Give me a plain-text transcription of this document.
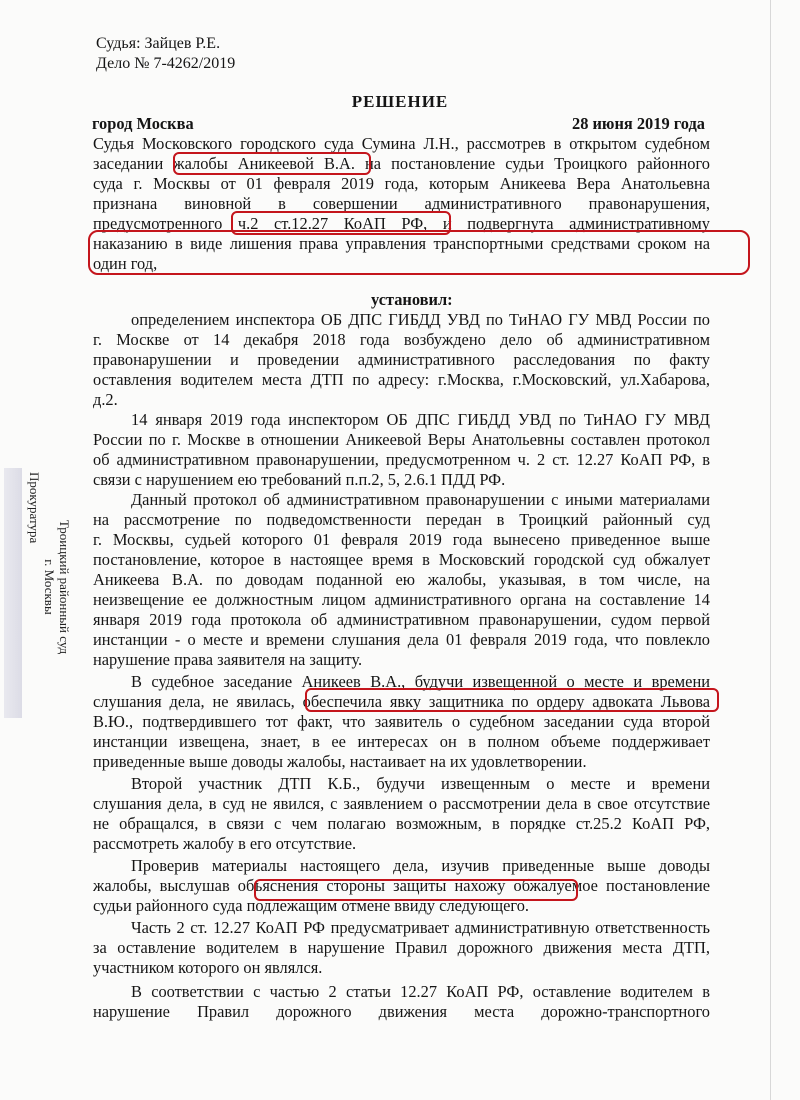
Судья: Зайцев Р.Е.
Дело № 7-4262/2019
РЕШЕНИЕ
город Москва	28 июня 2019 года
Судья Московского городского суда Сумина Л.Н., рассмотрев в открытом судебном
заседании жалобы Аникеевой В.А. на постановление судьи Троицкого районного
суда г. Москвы от 01 февраля 2019 года, которым Аникеева Вера Анатольевна
признана виновной в совершении административного правонарушения,
предусмотренного ч.2 ст.12.27 КоАП РФ, и подвергнута административному
наказанию в виде лишения права управления транспортными средствами сроком на
один год,
установил:
определением инспектора ОБ ДПС ГИБДД УВД по ТиНАО ГУ МВД России по
г. Москве от 14 декабря 2018 года возбуждено дело об административном
правонарушении и проведении административного расследования по факту
оставления водителем места ДТП по адресу: г.Москва, г.Московский, ул.Хабарова,
д.2.
14 января 2019 года инспектором ОБ ДПС ГИБДД УВД по ТиНАО ГУ МВД
России по г. Москве в отношении Аникеевой Веры Анатольевны составлен протокол
об административном правонарушении, предусмотренном ч. 2 ст. 12.27 КоАП РФ, в
связи с нарушением ею требований п.п.2, 5, 2.6.1 ПДД РФ.
Данный протокол об административном правонарушении с иными материалами
на рассмотрение по подведомственности передан в Троицкий районный суд
г. Москвы, судьей которого 01 февраля 2019 года вынесено приведенное выше
постановление, которое в настоящее время в Московский городской суд обжалует
Аникеева В.А. по доводам поданной ею жалобы, указывая, в том числе, на
неизвещение ее должностным лицом административного органа на составление 14
января 2019 года протокола об административном правонарушении, судом первой
инстанции - о месте и времени слушания дела 01 февраля 2019 года, что повлекло
нарушение права заявителя на защиту.
В судебное заседание Аникеев В.А., будучи извещенной о месте и времени
слушания дела, не явилась, обеспечила явку защитника по ордеру адвоката Львова
В.Ю., подтвердившего тот факт, что заявитель о судебном заседании суда второй
инстанции извещена, знает, в ее интересах он в полном объеме поддерживает
приведенные выше доводы жалобы, настаивает на их удовлетворении.
Второй участник ДТП К.Б., будучи извещенным о месте и времени
слушания дела, в суд не явился, с заявлением о рассмотрении дела в свое отсутствие
не обращался, в связи с чем полагаю возможным, в порядке ст.25.2 КоАП РФ,
рассмотреть жалобу в его отсутствие.
Проверив материалы настоящего дела, изучив приведенные выше доводы
жалобы, выслушав объяснения стороны защиты нахожу обжалуемое постановление
судьи районного суда подлежащим отмене ввиду следующего.
Часть 2 ст. 12.27 КоАП РФ предусматривает административную ответственность
за оставление водителем в нарушение Правил дорожного движения места ДТП,
участником которого он являлся.
В соответствии с частью 2 статьи 12.27 КоАП РФ, оставление водителем в
нарушение Правил дорожного движения места дорожно-транспортного
Троицкий районный суд
г. Москвы
Прокуратура
